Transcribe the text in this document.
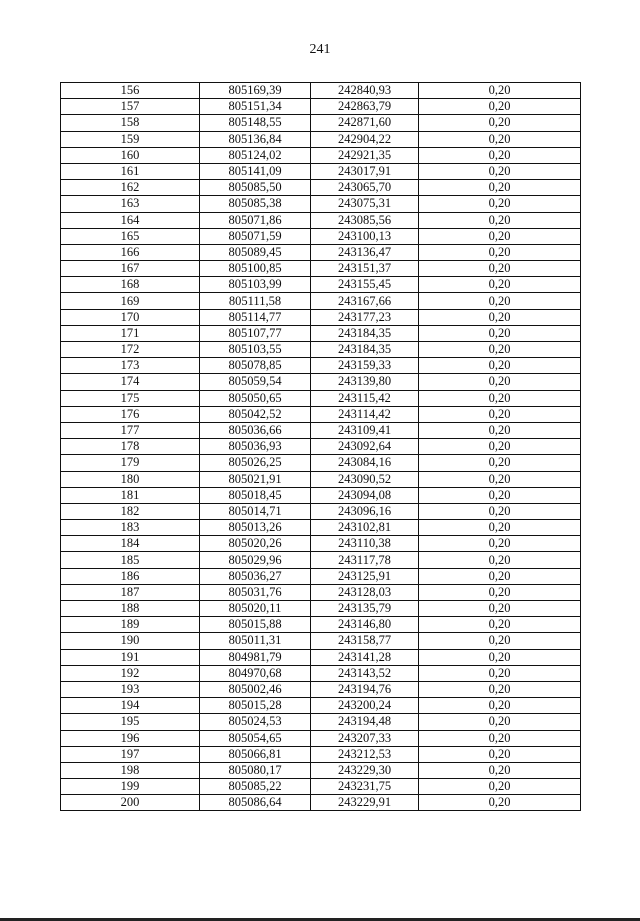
241
156	805169,39	242840,93	0,20
157	805151,34	242863,79	0,20
158	805148,55	242871,60	0,20
159	805136,84	242904,22	0,20
160	805124,02	242921,35	0,20
161	805141,09	243017,91	0,20
162	805085,50	243065,70	0,20
163	805085,38	243075,31	0,20
164	805071,86	243085,56	0,20
165	805071,59	243100,13	0,20
166	805089,45	243136,47	0,20
167	805100,85	243151,37	0,20
168	805103,99	243155,45	0,20
169	805111,58	243167,66	0,20
170	805114,77	243177,23	0,20
171	805107,77	243184,35	0,20
172	805103,55	243184,35	0,20
173	805078,85	243159,33	0,20
174	805059,54	243139,80	0,20
175	805050,65	243115,42	0,20
176	805042,52	243114,42	0,20
177	805036,66	243109,41	0,20
178	805036,93	243092,64	0,20
179	805026,25	243084,16	0,20
180	805021,91	243090,52	0,20
181	805018,45	243094,08	0,20
182	805014,71	243096,16	0,20
183	805013,26	243102,81	0,20
184	805020,26	243110,38	0,20
185	805029,96	243117,78	0,20
186	805036,27	243125,91	0,20
187	805031,76	243128,03	0,20
188	805020,11	243135,79	0,20
189	805015,88	243146,80	0,20
190	805011,31	243158,77	0,20
191	804981,79	243141,28	0,20
192	804970,68	243143,52	0,20
193	805002,46	243194,76	0,20
194	805015,28	243200,24	0,20
195	805024,53	243194,48	0,20
196	805054,65	243207,33	0,20
197	805066,81	243212,53	0,20
198	805080,17	243229,30	0,20
199	805085,22	243231,75	0,20
200	805086,64	243229,91	0,20
